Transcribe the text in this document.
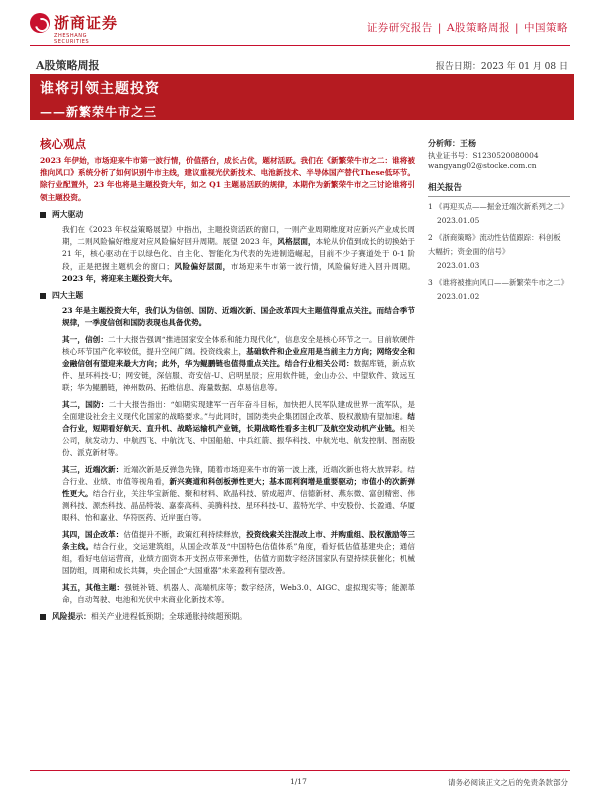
浙商证券
ZHESHANG SECURITIES
证券研究报告 | A股策略周报 | 中国策略
A股策略周报	报告日期：2023 年 01 月 08 日
谁将引领主题投资
——新繁荣牛市之三
核心观点
2023 年伊始，市场迎来牛市第一波行情，价值搭台，成长占优，题材活跃。我们在《新繁荣牛市之二：谁将被推向风口》系统分析了如何识别牛市主线，建议重视光伏新技术、电池新技术、半导体国产替代These低环节。除行业配置外，23 年也将是主题投资大年，如之 Q1 主题易活跃的规律，本期作为新繁荣牛市之三讨论谁将引领主题投资。
两大驱动
我们在《2023 年权益策略展望》中指出，主题投资活跃的窗口，一则产业周期维度对应新兴产业成长周期，二则风险偏好维度对应风险偏好回升周期。展望 2023 年，风格层面，本轮从价值到成长的切换始于 21 年，核心驱动在于以绿色化、自主化、智能化为代表的先进制造崛起，目前不少子赛道处于 0-1 阶段，正是把握主题机会的窗口；风险偏好层面，市场迎来牛市第一波行情，风险偏好进入回升周期。2023 年，将迎来主题投资大年。
四大主题
23 年是主题投资大年，我们认为信创、国防、近端次新、国企改革四大主题值得重点关注。而结合季节规律，一季度信创和国防表现也具备优势。
其一，信创：二十大报告强调“推进国家安全体系和能力现代化”，信息安全是核心环节之一。目前软硬件核心环节国产化率较低，提升空间广阔。投资线索上，基础软件和企业应用是当前主力方向；网络安全和金融信创有望迎来最大方向；此外，华为鲲鹏链也值得重点关注。结合行业相关公司：数据库链，新点软件、星环科技-U；网安链，深信服、奇安信-U、启明星辰；应用软件链，金山办公、中望软件、致远互联；华为鲲鹏链，神州数码、拓维信息、海量数据、卓易信息等。
其二，国防：二十大报告指出：“如期实现建军一百年奋斗目标，加快把人民军队建成世界一流军队，是全面建设社会主义现代化国家的战略要求。”与此同时，国防类央企集团国企改革、股权激励有望加速。结合行业，短期看好航天、直升机、战略运输机产业链，长期战略性看多主机厂及航空发动机产业链。相关公司，航发动力、中航西飞、中航沈飞、中国船舶、中兵红箭、振华科技、中航光电、航发控制、图南股份、派克新材等。
其三，近端次新：近端次新是反弹急先锋，随着市场迎来牛市的第一波上涨，近端次新也将大放异彩。结合行业、业绩、市值等视角看，新兴赛道和科创板弹性更大；基本面利润增是重要驱动；市值小的次新弹性更大。结合行业，关注华宝新能、聚和材料、欧晶科技、骄成超声、信德新材、燕东微、富创精密、伟测科技、源杰科技、晶品特装、嘉泰高科、美腾科技、星环科技-U、蓝特光学、中安股份、长盈通、华厦眼科、怡和嘉业、华符医药、近岸蛋白等。
其四，国企改革：估值提升不断，政策红利持续释放，投资线索关注混改上市、并购重组、股权激励等三条主线。结合行业，交运建筑组，从国企改革及“中国特色估值体系”角度，看好低估值基建央企；通信组，看好电信运营商，业绩方面资本开支拐点带来弹性，估值方面数字经济国家队有望持续获催化；机械国防组，周期和成长共舞，央企国企“大国重器”未来盈利有望改善。
其五，其他主题：强链补链、机器人、高端机床等；数字经济，Web3.0、AIGC、虚拟现实等；能源革命，自动驾驶、电池和光伏中未商业化新技术等。
风险提示： 相关产业进程低预期；全球通胀持续超预期。
分析师：王杨
执业证书号：S1230520080004
wangyang02@stocke.com.cn
相关报告
1 《再迎买点——掘金迁端次新系列之二》
2023.01.05
2 《浙商策略》流动性估值跟踪：科创板大幅折；资金面的信号》
2023.01.03
3 《谁将被推向风口——新繁荣牛市之二》
2023.01.02
1/17	请务必阅读正文之后的免责条款部分
